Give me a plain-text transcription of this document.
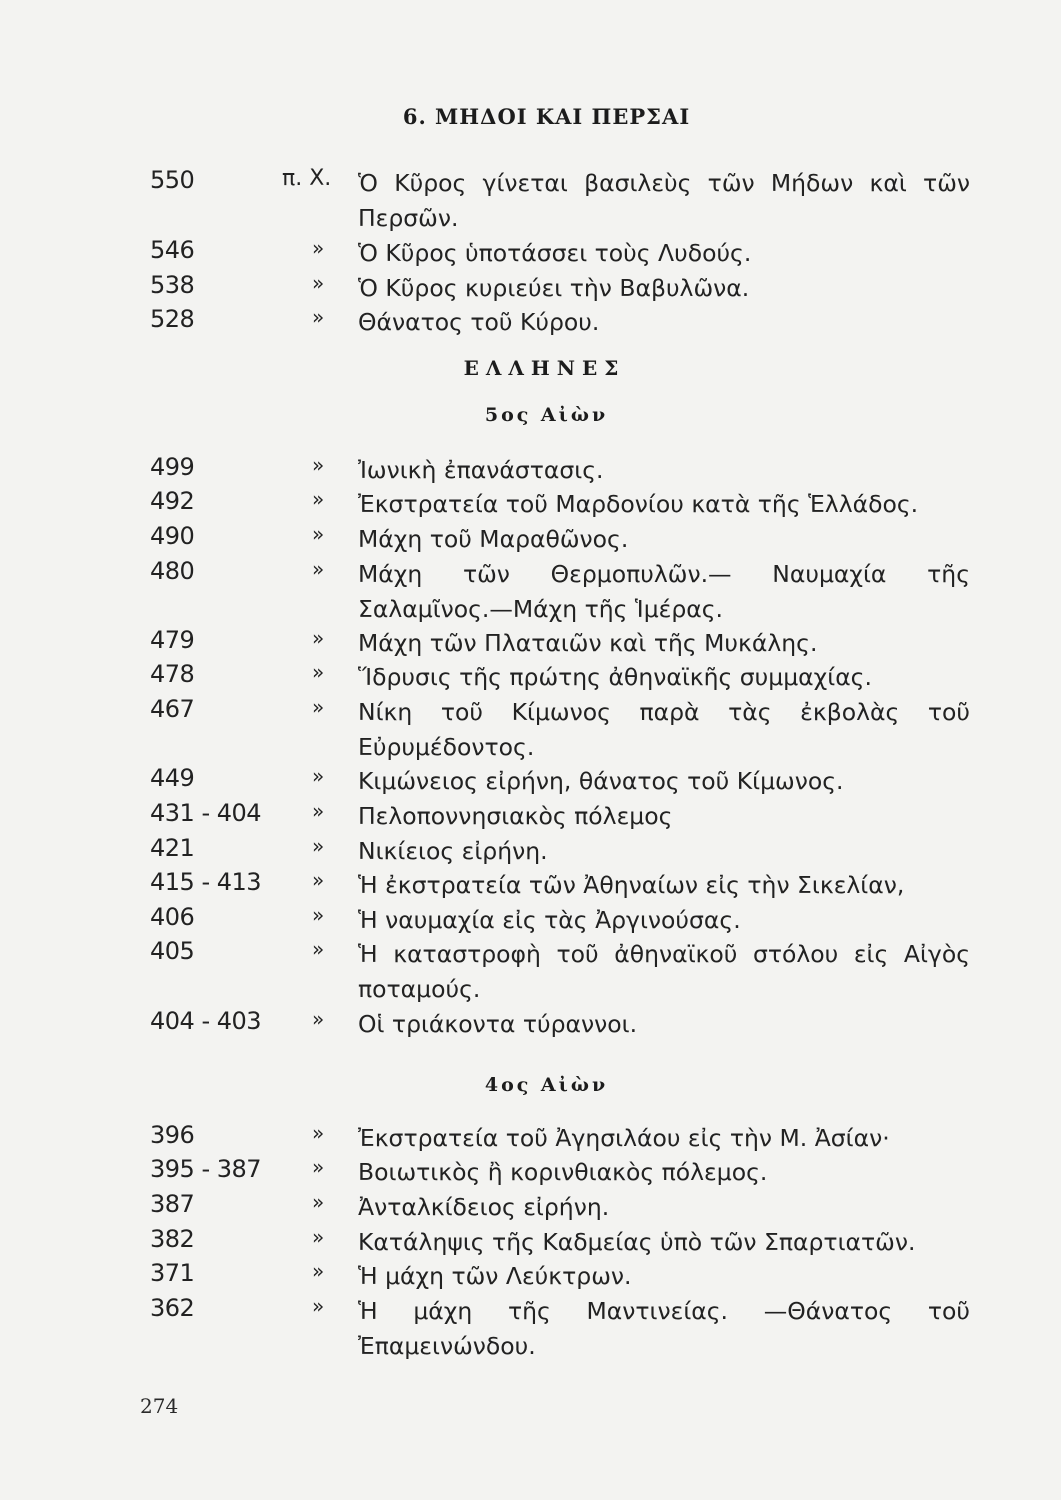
6. ΜΗΔΟΙ ΚΑΙ ΠΕΡΣΑΙ
550	π. Χ. Ὁ Κῦρος γίνεται βασιλεὺς τῶν Μήδων καὶ τῶν Περσῶν.
546	» Ὁ Κῦρος ὑποτάσσει τοὺς Λυδούς.
538	» Ὁ Κῦρος κυριεύει τὴν Βαβυλῶνα.
528	» Θάνατος τοῦ Κύρου.
ΕΛΛΗΝΕΣ
5ος Αἰὼν
499	» Ἰωνικὴ ἐπανάστασις.
492	» Ἐκστρατεία τοῦ Μαρδονίου κατὰ τῆς Ἑλλάδος.
490	» Μάχη τοῦ Μαραθῶνος.
480	» Μάχη τῶν Θερμοπυλῶν.— Ναυμαχία τῆς Σαλαμῖνος.—Μάχη τῆς Ἱμέρας.
479	» Μάχη τῶν Πλαταιῶν καὶ τῆς Μυκάλης.
478	» Ἵδρυσις τῆς πρώτης ἀθηναϊκῆς συμμαχίας.
467	» Νίκη τοῦ Κίμωνος παρὰ τὰς ἐκβολὰς τοῦ Εὐρυμέδοντος.
449	» Κιμώνειος εἰρήνη, θάνατος τοῦ Κίμωνος.
431 - 404	» Πελοποννησιακὸς πόλεμος
421	» Νικίειος εἰρήνη.
415 - 413	» Ἡ ἐκστρατεία τῶν Ἀθηναίων εἰς τὴν Σικελίαν,
406	» Ἡ ναυμαχία εἰς τὰς Ἀργινούσας.
405	» Ἡ καταστροφὴ τοῦ ἀθηναϊκοῦ στόλου εἰς Αἰγὸς ποταμούς.
404 - 403	» Οἱ τριάκοντα τύραννοι.
4ος Αἰὼν
396	» Ἐκστρατεία τοῦ Ἀγησιλάου εἰς τὴν Μ. Ἀσίαν·
395 - 387	» Βοιωτικὸς ἢ κορινθιακὸς πόλεμος.
387	» Ἀνταλκίδειος εἰρήνη.
382	» Κατάληψις τῆς Καδμείας ὑπὸ τῶν Σπαρτιατῶν.
371	» Ἡ μάχη τῶν Λεύκτρων.
362	» Ἡ μάχη τῆς Μαντινείας. —Θάνατος τοῦ Ἐπαμεινώνδου.
274
